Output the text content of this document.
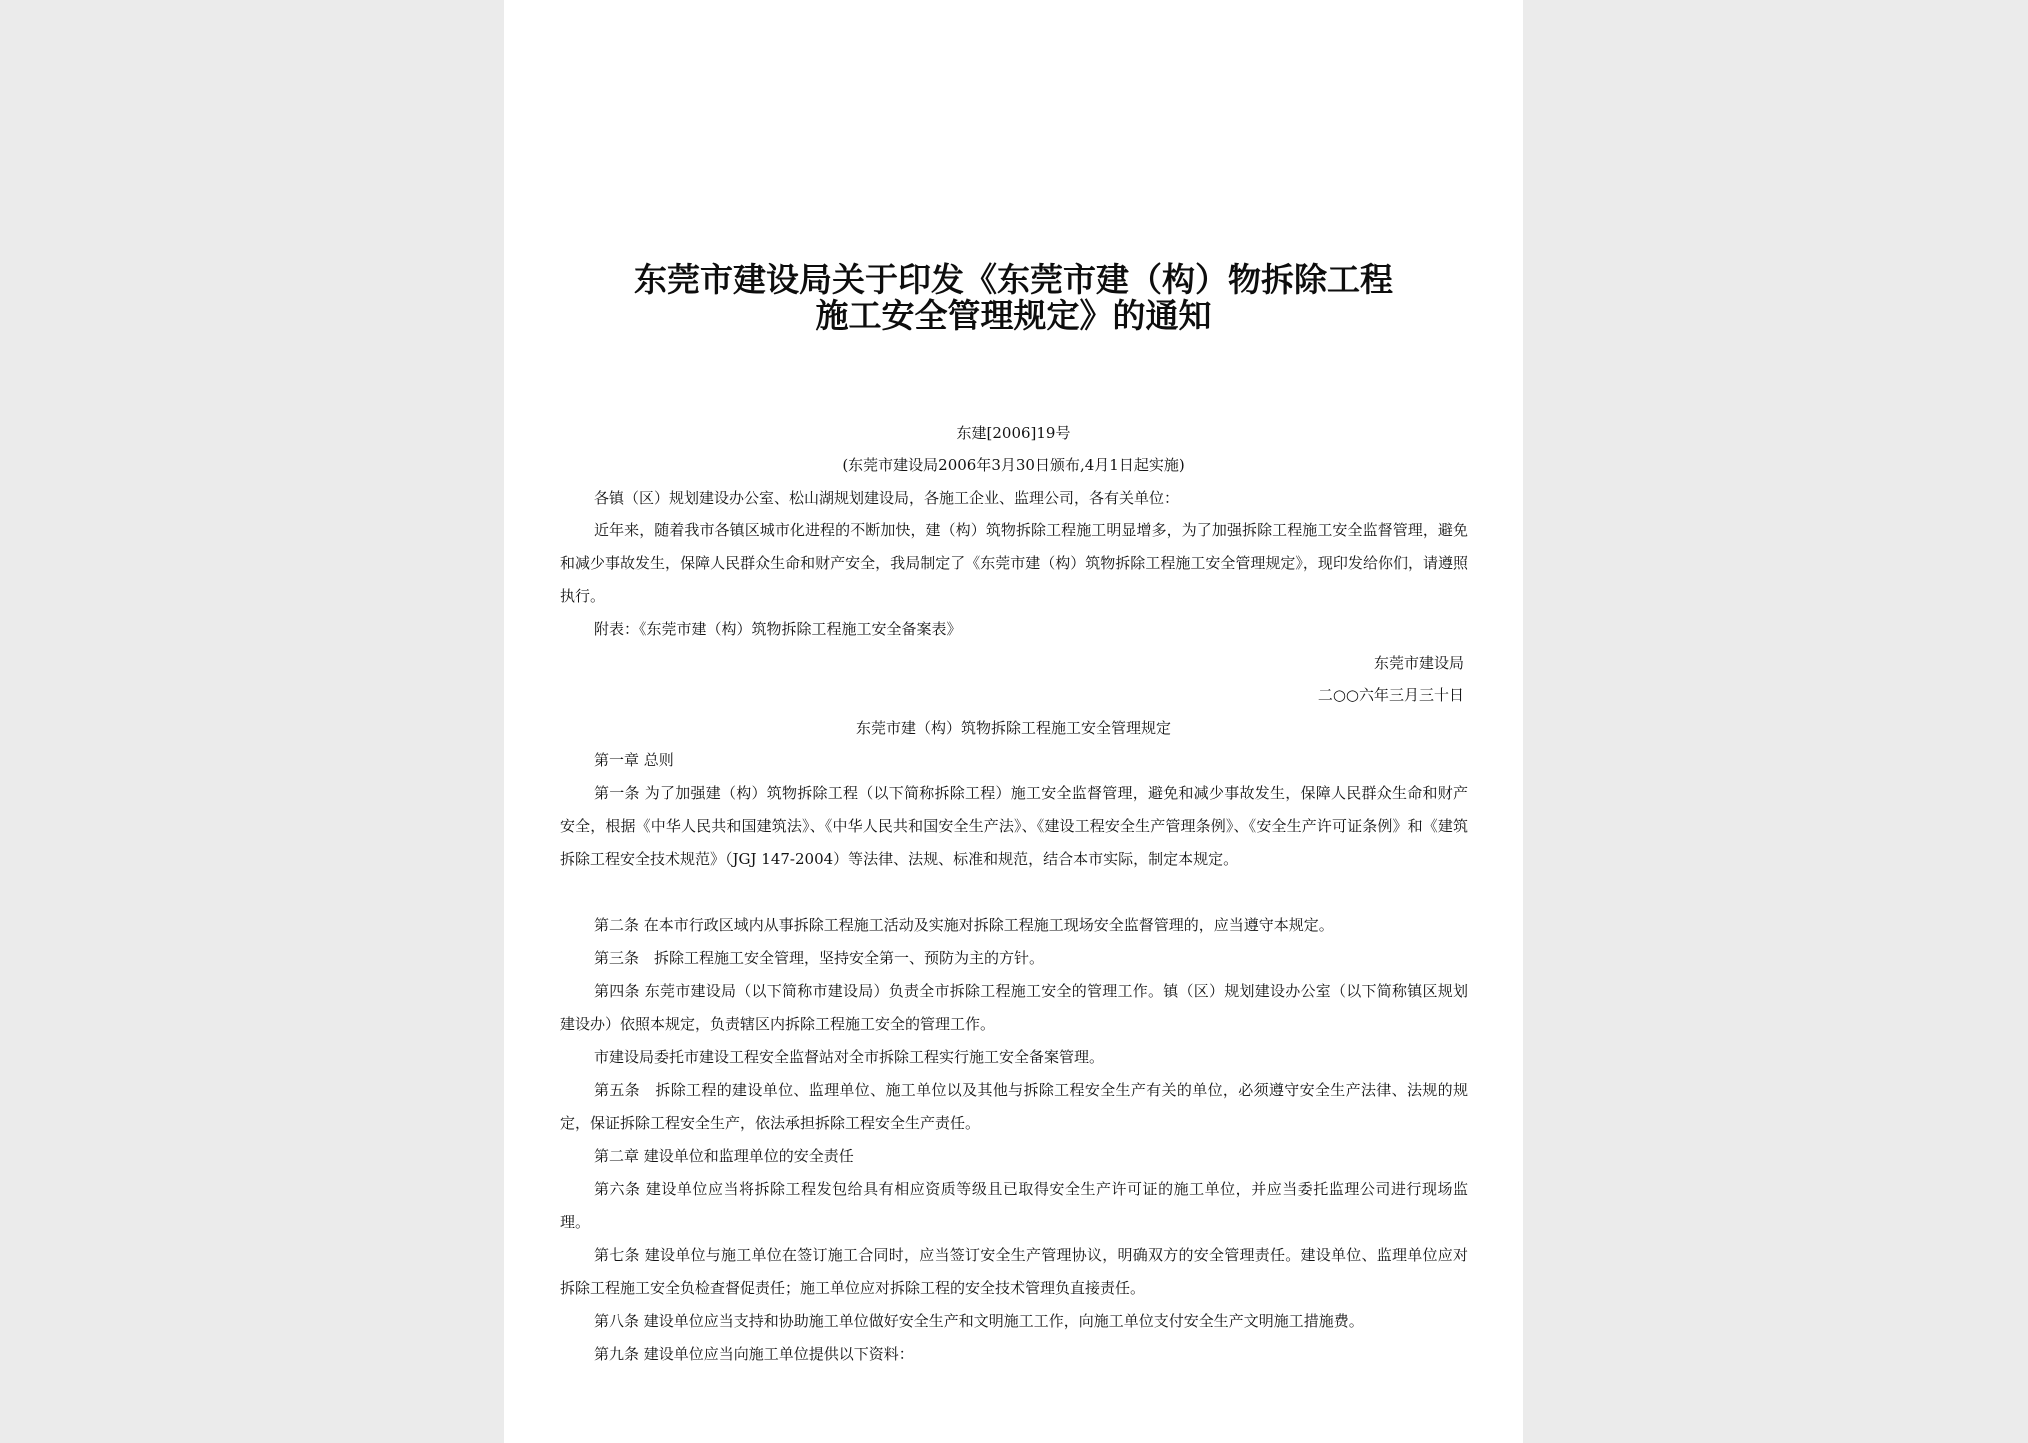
东莞市建设局关于印发《东莞市建（构）物拆除工程
施工安全管理规定》的通知
东建[2006]19号
(东莞市建设局2006年3月30日颁布,4月1日起实施)
各镇（区）规划建设办公室、松山湖规划建设局，各施工企业、监理公司，各有关单位：
近年来，随着我市各镇区城市化进程的不断加快，建（构）筑物拆除工程施工明显增多，为了加强拆除工程施工安全监督管理，避免和减少事故发生，保障人民群众生命和财产安全，我局制定了《东莞市建（构）筑物拆除工程施工安全管理规定》，现印发给你们，请遵照执行。
附表：《东莞市建（构）筑物拆除工程施工安全备案表》
东莞市建设局
二○○六年三月三十日
东莞市建（构）筑物拆除工程施工安全管理规定
第一章 总则
第一条 为了加强建（构）筑物拆除工程（以下简称拆除工程）施工安全监督管理，避免和减少事故发生，保障人民群众生命和财产安全，根据《中华人民共和国建筑法》、《中华人民共和国安全生产法》、《建设工程安全生产管理条例》、《安全生产许可证条例》和《建筑拆除工程安全技术规范》（JGJ 147-2004）等法律、法规、标准和规范，结合本市实际，制定本规定。
第二条 在本市行政区域内从事拆除工程施工活动及实施对拆除工程施工现场安全监督管理的，应当遵守本规定。
第三条　拆除工程施工安全管理，坚持安全第一、预防为主的方针。
第四条 东莞市建设局（以下简称市建设局）负责全市拆除工程施工安全的管理工作。镇（区）规划建设办公室（以下简称镇区规划建设办）依照本规定，负责辖区内拆除工程施工安全的管理工作。
市建设局委托市建设工程安全监督站对全市拆除工程实行施工安全备案管理。
第五条　拆除工程的建设单位、监理单位、施工单位以及其他与拆除工程安全生产有关的单位，必须遵守安全生产法律、法规的规定，保证拆除工程安全生产，依法承担拆除工程安全生产责任。
第二章 建设单位和监理单位的安全责任
第六条 建设单位应当将拆除工程发包给具有相应资质等级且已取得安全生产许可证的施工单位，并应当委托监理公司进行现场监理。
第七条 建设单位与施工单位在签订施工合同时，应当签订安全生产管理协议，明确双方的安全管理责任。建设单位、监理单位应对拆除工程施工安全负检查督促责任；施工单位应对拆除工程的安全技术管理负直接责任。
第八条 建设单位应当支持和协助施工单位做好安全生产和文明施工工作，向施工单位支付安全生产文明施工措施费。
第九条 建设单位应当向施工单位提供以下资料：
